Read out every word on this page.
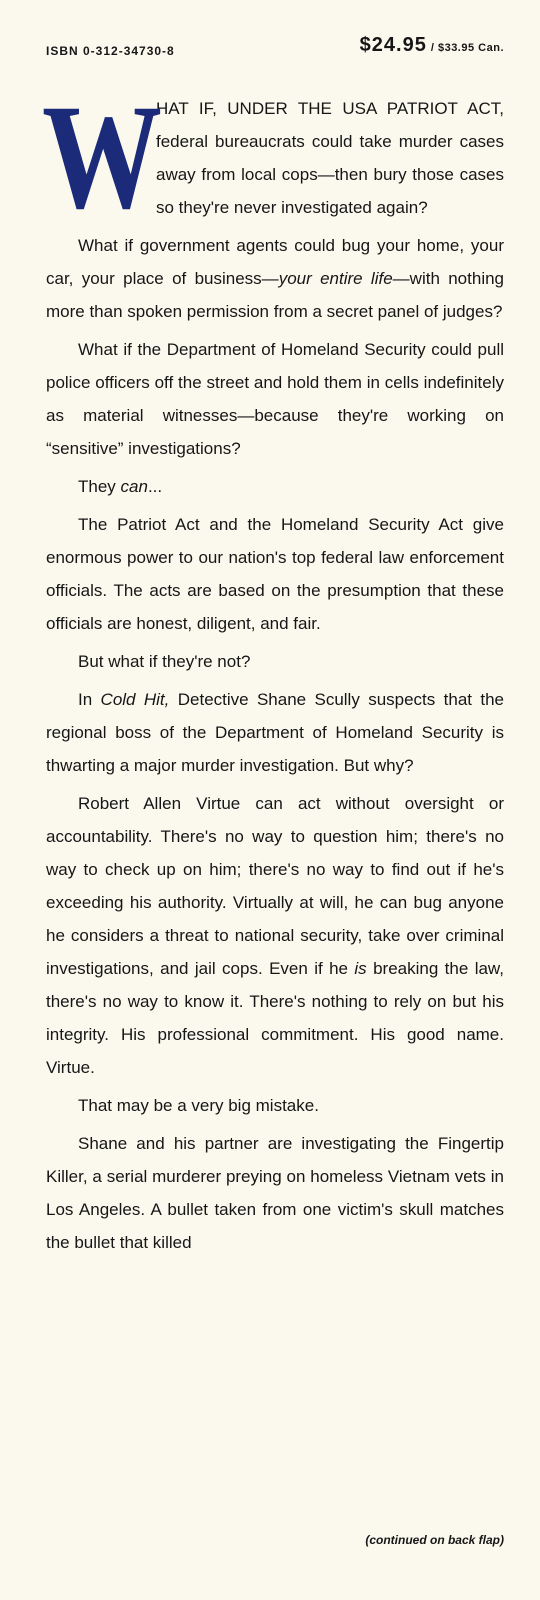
ISBN 0-312-34730-8	$24.95 / $33.95 Can.

W
HAT IF, UNDER THE USA PATRIOT ACT, federal bureaucrats could take murder cases away from local cops—then bury those cases so they're never investigated again?

What if government agents could bug your home, your car, your place of business—your entire life—with nothing more than spoken permission from a secret panel of judges?

What if the Department of Homeland Security could pull police officers off the street and hold them in cells indefinitely as material witnesses—because they're working on “sensitive” investigations?

They can...

The Patriot Act and the Homeland Security Act give enormous power to our nation's top federal law enforcement officials. The acts are based on the presumption that these officials are honest, diligent, and fair.

But what if they're not?

In Cold Hit, Detective Shane Scully suspects that the regional boss of the Department of Homeland Security is thwarting a major murder investigation. But why?

Robert Allen Virtue can act without oversight or accountability. There's no way to question him; there's no way to check up on him; there's no way to find out if he's exceeding his authority. Virtually at will, he can bug anyone he considers a threat to national security, take over criminal investigations, and jail cops. Even if he is breaking the law, there's no way to know it. There's nothing to rely on but his integrity. His professional commitment. His good name. Virtue.

That may be a very big mistake.

Shane and his partner are investigating the Fingertip Killer, a serial murderer preying on homeless Vietnam vets in Los Angeles. A bullet taken from one victim's skull matches the bullet that killed

(continued on back flap)
